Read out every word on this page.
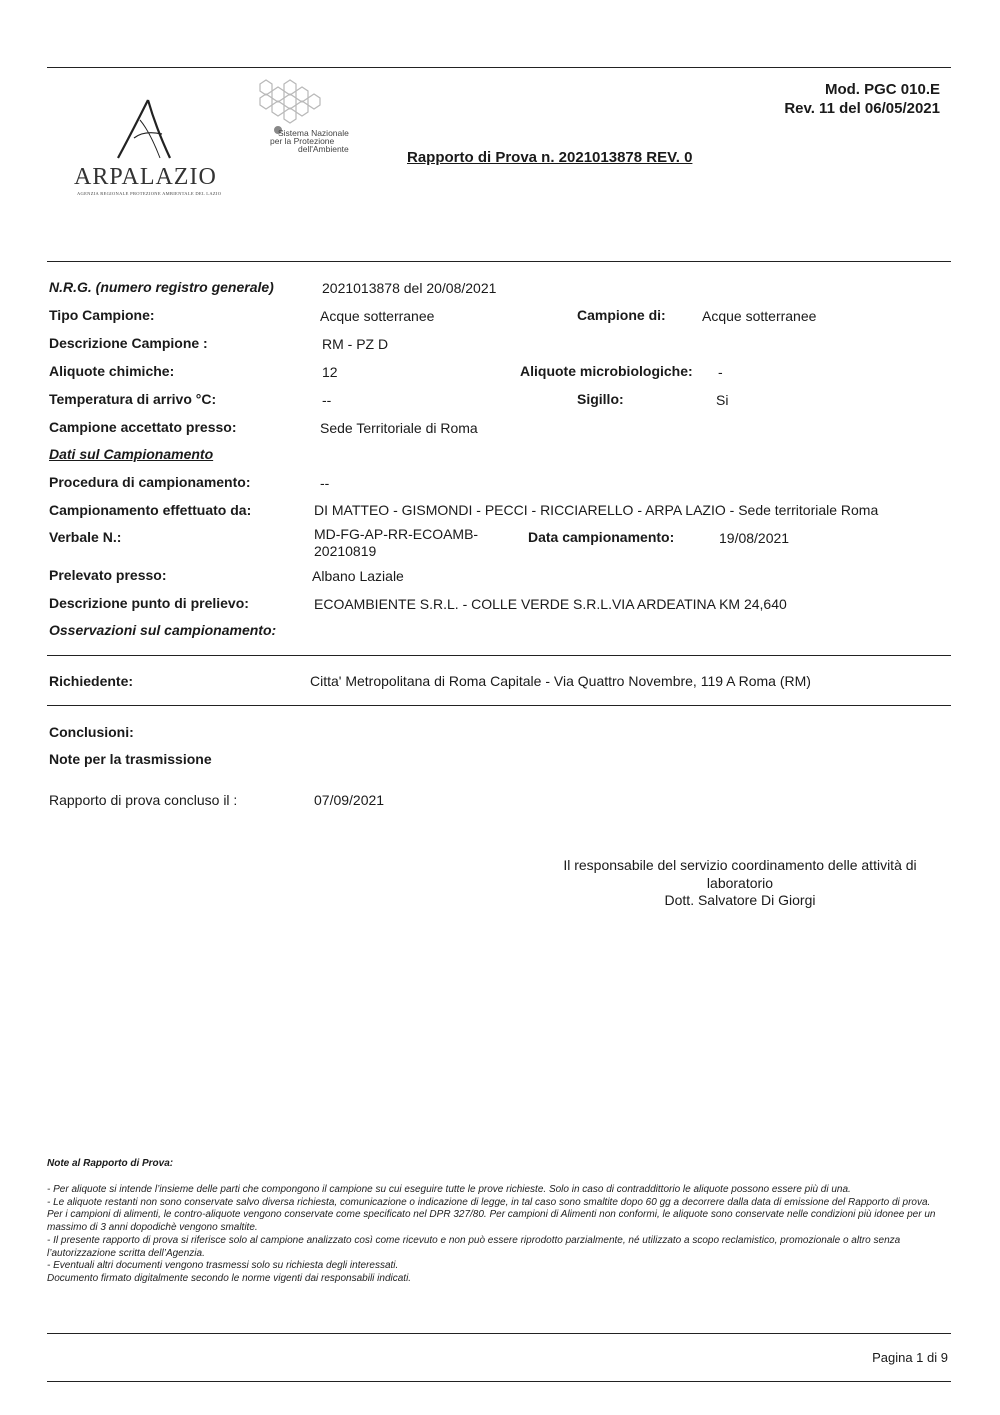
ARPALAZIO
AGENZIA REGIONALE PROTEZIONE AMBIENTALE DEL LAZIO
Sistema Nazionale
per la Protezione
dell'Ambiente
Mod. PGC 010.E
Rev. 11 del 06/05/2021
Rapporto di Prova n. 2021013878 REV. 0
N.R.G. (numero registro generale)	2021013878 del 20/08/2021
Tipo Campione:	Acque sotterranee	Campione di:	Acque sotterranee
Descrizione Campione :	RM - PZ D
Aliquote chimiche:	12	Aliquote microbiologiche: -
Temperatura di arrivo °C:	--	Sigillo:	Si
Campione accettato presso:	Sede Territoriale di Roma
Dati sul Campionamento
Procedura di campionamento:	--
Campionamento effettuato da:	DI MATTEO - GISMONDI - PECCI - RICCIARELLO - ARPA LAZIO - Sede territoriale Roma
Verbale N.:	MD-FG-AP-RR-ECOAMB-
20210819
Data campionamento:	19/08/2021
Prelevato presso:	Albano Laziale
Descrizione punto di prelievo:	ECOAMBIENTE S.R.L. - COLLE VERDE S.R.L.VIA ARDEATINA KM 24,640
Osservazioni sul campionamento:
Richiedente:	Citta' Metropolitana di Roma Capitale - Via Quattro Novembre, 119 A Roma (RM)
Conclusioni:
Note per la trasmissione
Rapporto di prova concluso il :	07/09/2021
Il responsabile del servizio coordinamento delle attività di
laboratorio
Dott. Salvatore Di Giorgi
Note al Rapporto di Prova:

- Per aliquote si intende l’insieme delle parti che compongono il campione su cui eseguire tutte le prove richieste. Solo in caso di contraddittorio le aliquote possono essere più di una.

- Le aliquote restanti non sono conservate salvo diversa richiesta, comunicazione o indicazione di legge, in tal caso sono smaltite dopo 60 gg a decorrere dalla data di emissione del Rapporto di prova. Per i campioni di alimenti, le contro-aliquote vengono conservate come specificato nel DPR 327/80. Per campioni di Alimenti non conformi, le aliquote sono conservate nelle condizioni più idonee per un massimo di 3 anni dopodichè vengono smaltite.

- Il presente rapporto di prova si riferisce solo al campione analizzato così come ricevuto e non può essere riprodotto parzialmente, né utilizzato a scopo reclamistico, promozionale o altro senza l’autorizzazione scritta dell’Agenzia.

- Eventuali altri documenti vengono trasmessi solo su richiesta degli interessati.

Documento firmato digitalmente secondo le norme vigenti dai responsabili indicati.

Pagina 1 di 9
